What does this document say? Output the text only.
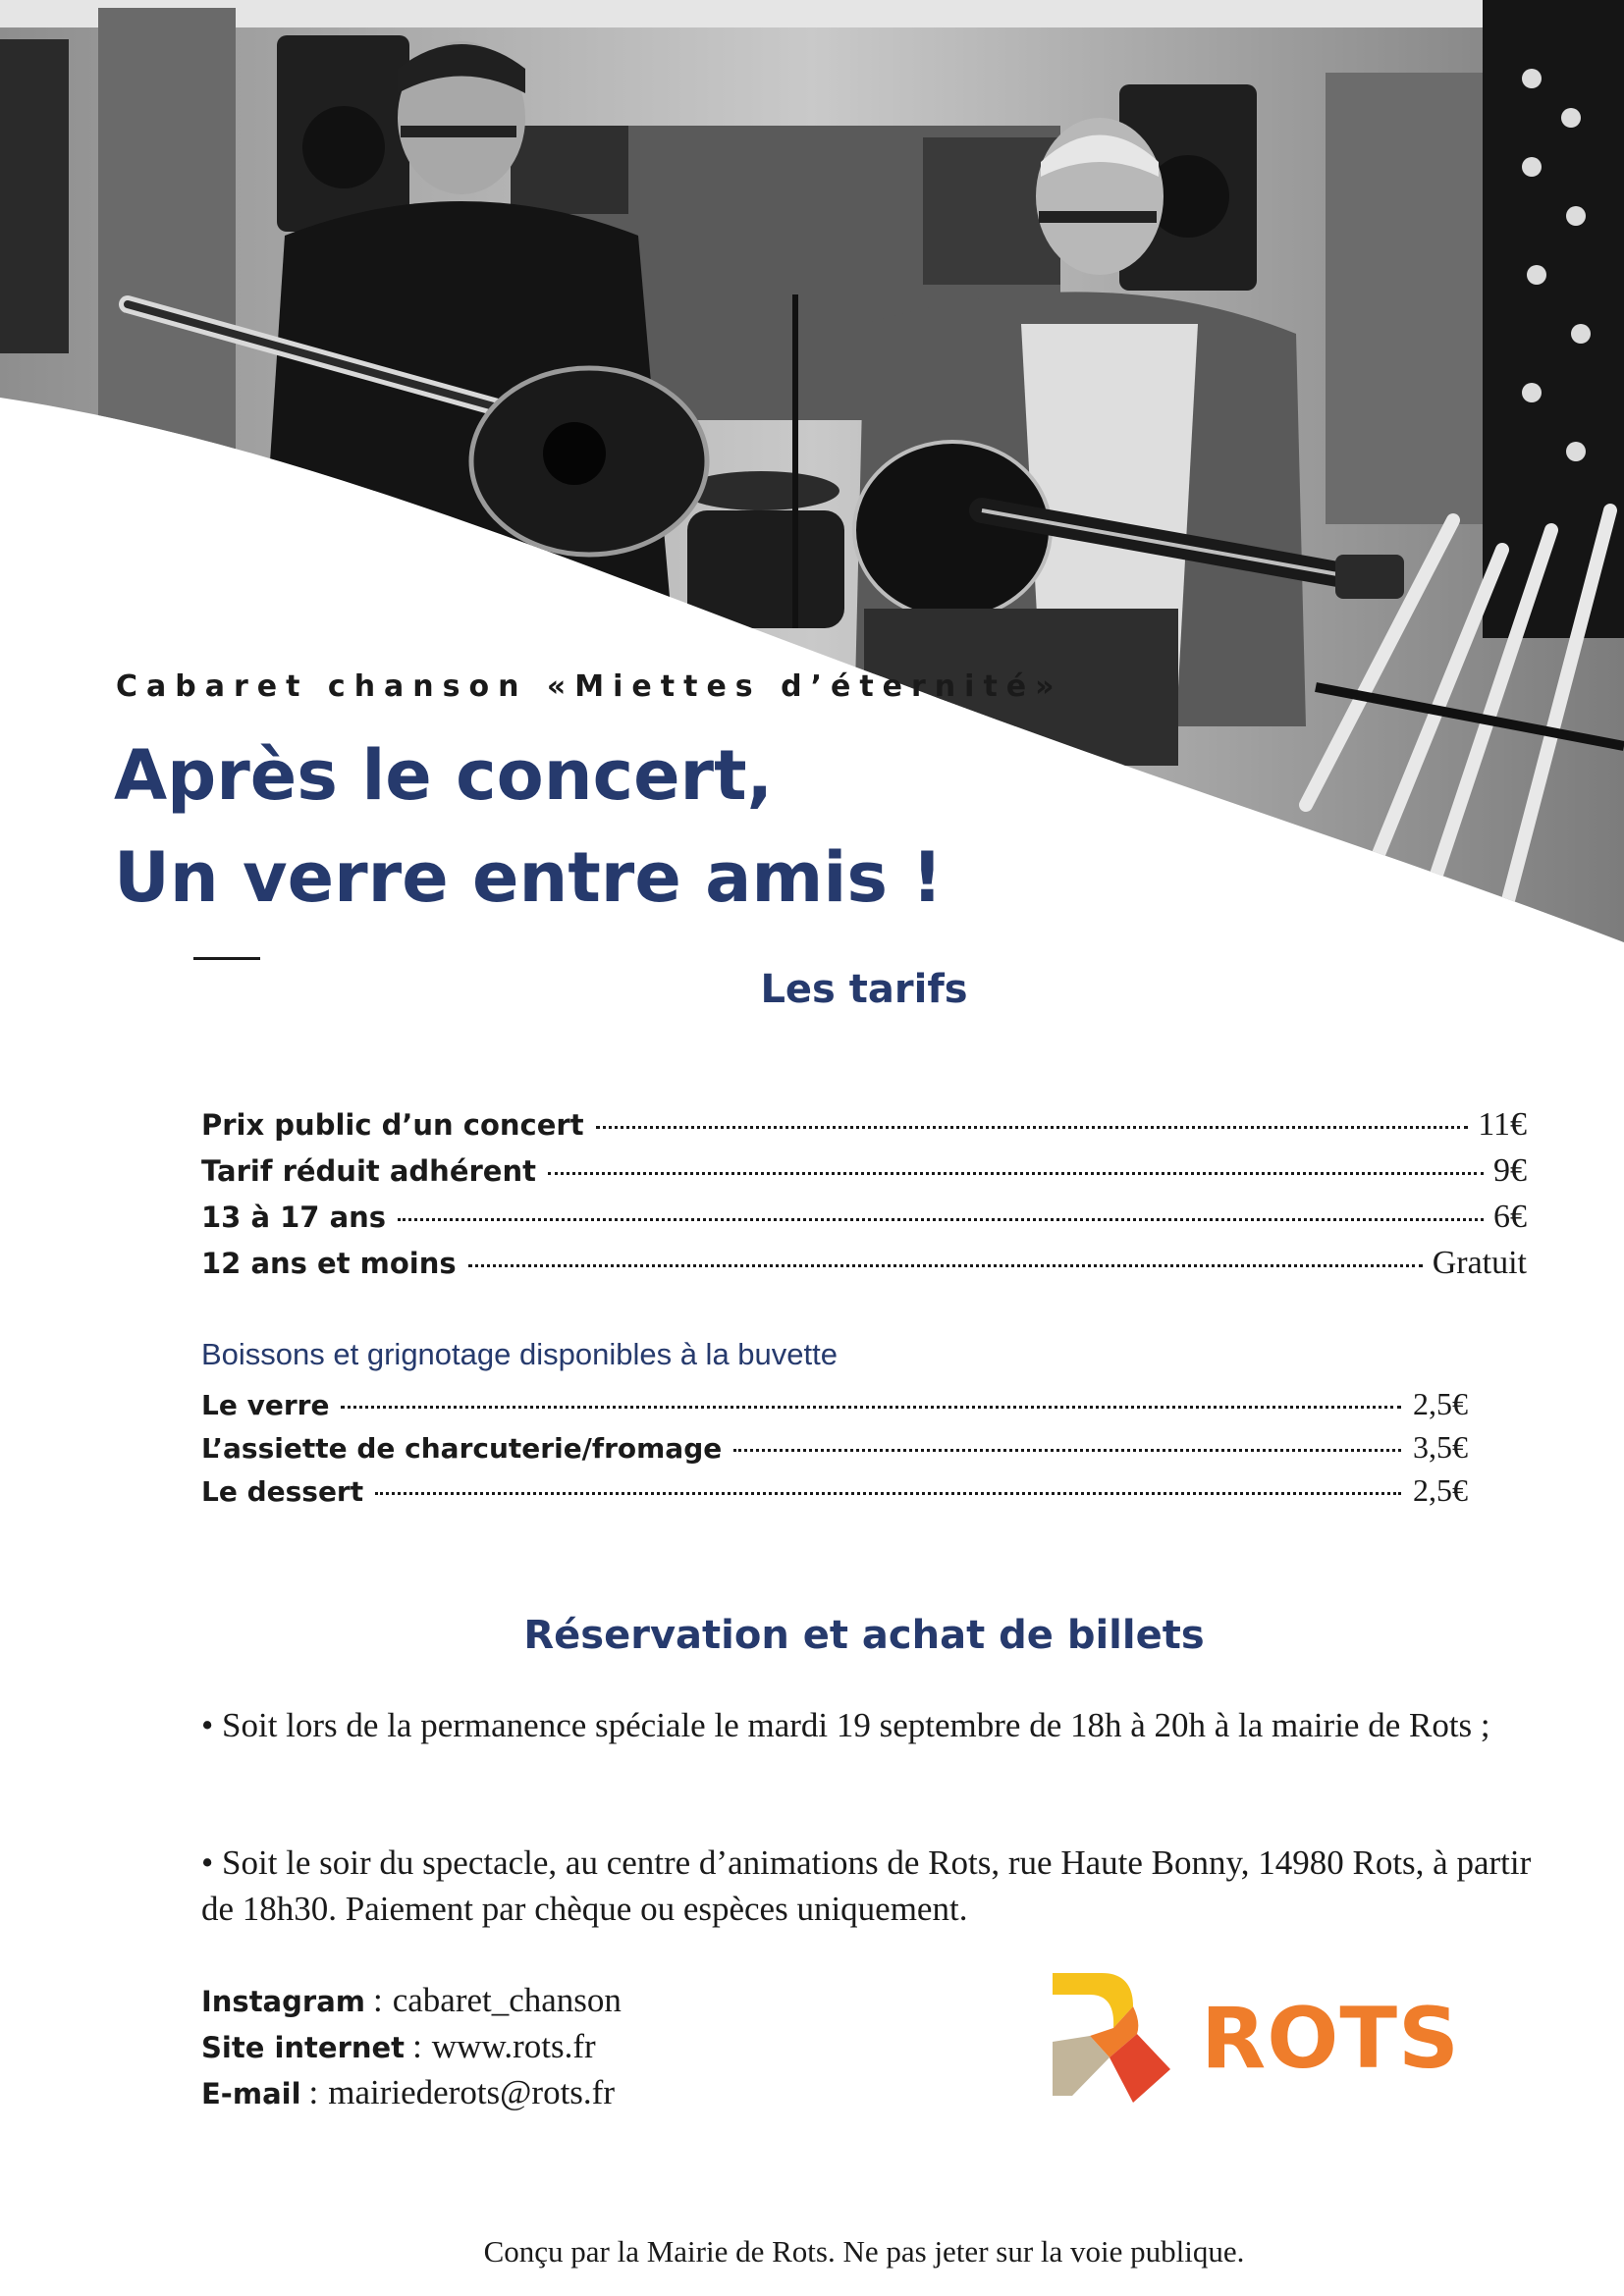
Cabaret chanson «Miettes d’éternité»
Après le concert,
Un verre entre amis !
Les tarifs
Prix public d’un concert	11€
Tarif réduit adhérent	9€
13 à 17 ans	6€
12 ans et moins	Gratuit
Boissons et grignotage disponibles à la buvette
Le verre	2,5€
L’assiette de charcuterie/fromage	3,5€
Le dessert	2,5€
Réservation et achat de billets

• Soit lors de la permanence spéciale le mardi 19 septembre de 18h à 20h à la mairie de Rots ;

• Soit le soir du spectacle, au centre d’animations de Rots, rue Haute Bonny, 14980 Rots, à partir de 18h30. Paiement par chèque ou espèces uniquement.

Instagram : cabaret_chanson
Site internet : www.rots.fr
E-mail : mairiederots@rots.fr
ROTS
Conçu par la Mairie de Rots. Ne pas jeter sur la voie publique.
